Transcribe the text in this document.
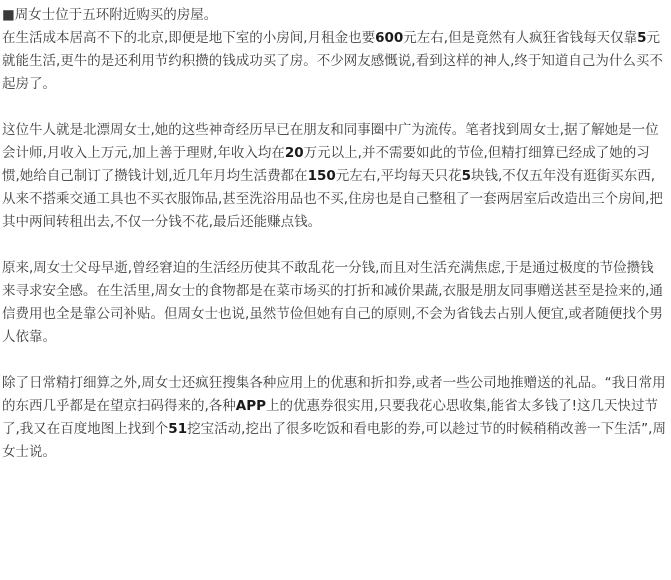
■周女士位于五环附近购买的房屋。

在生活成本居高不下的北京,即便是地下室的小房间,月租金也要600元左右,但是竟然有人疯狂省钱每天仅靠5元就能生活,更牛的是还利用节约积攒的钱成功买了房。不少网友感慨说,看到这样的神人,终于知道自己为什么买不起房了。

这位牛人就是北漂周女士,她的这些神奇经历早已在朋友和同事圈中广为流传。笔者找到周女士,据了解她是一位会计师,月收入上万元,加上善于理财,年收入均在20万元以上,并不需要如此的节俭,但精打细算已经成了她的习惯,她给自己制订了攒钱计划,近几年月均生活费都在150元左右,平均每天只花5块钱,不仅五年没有逛街买东西,从来不搭乘交通工具也不买衣服饰品,甚至洗浴用品也不买,住房也是自己整租了一套两居室后改造出三个房间,把其中两间转租出去,不仅一分钱不花,最后还能赚点钱。

原来,周女士父母早逝,曾经窘迫的生活经历使其不敢乱花一分钱,而且对生活充满焦虑,于是通过极度的节俭攒钱来寻求安全感。在生活里,周女士的食物都是在菜市场买的打折和减价果蔬,衣服是朋友同事赠送甚至是捡来的,通信费用也全是靠公司补贴。但周女士也说,虽然节俭但她有自己的原则,不会为省钱去占别人便宜,或者随便找个男人依靠。

除了日常精打细算之外,周女士还疯狂搜集各种应用上的优惠和折扣券,或者一些公司地推赠送的礼品。“我日常用的东西几乎都是在望京扫码得来的,各种APP上的优惠券很实用,只要我花心思收集,能省太多钱了!这几天快过节了,我又在百度地图上找到个51挖宝活动,挖出了很多吃饭和看电影的券,可以趁过节的时候稍稍改善一下生活”,周女士说。
